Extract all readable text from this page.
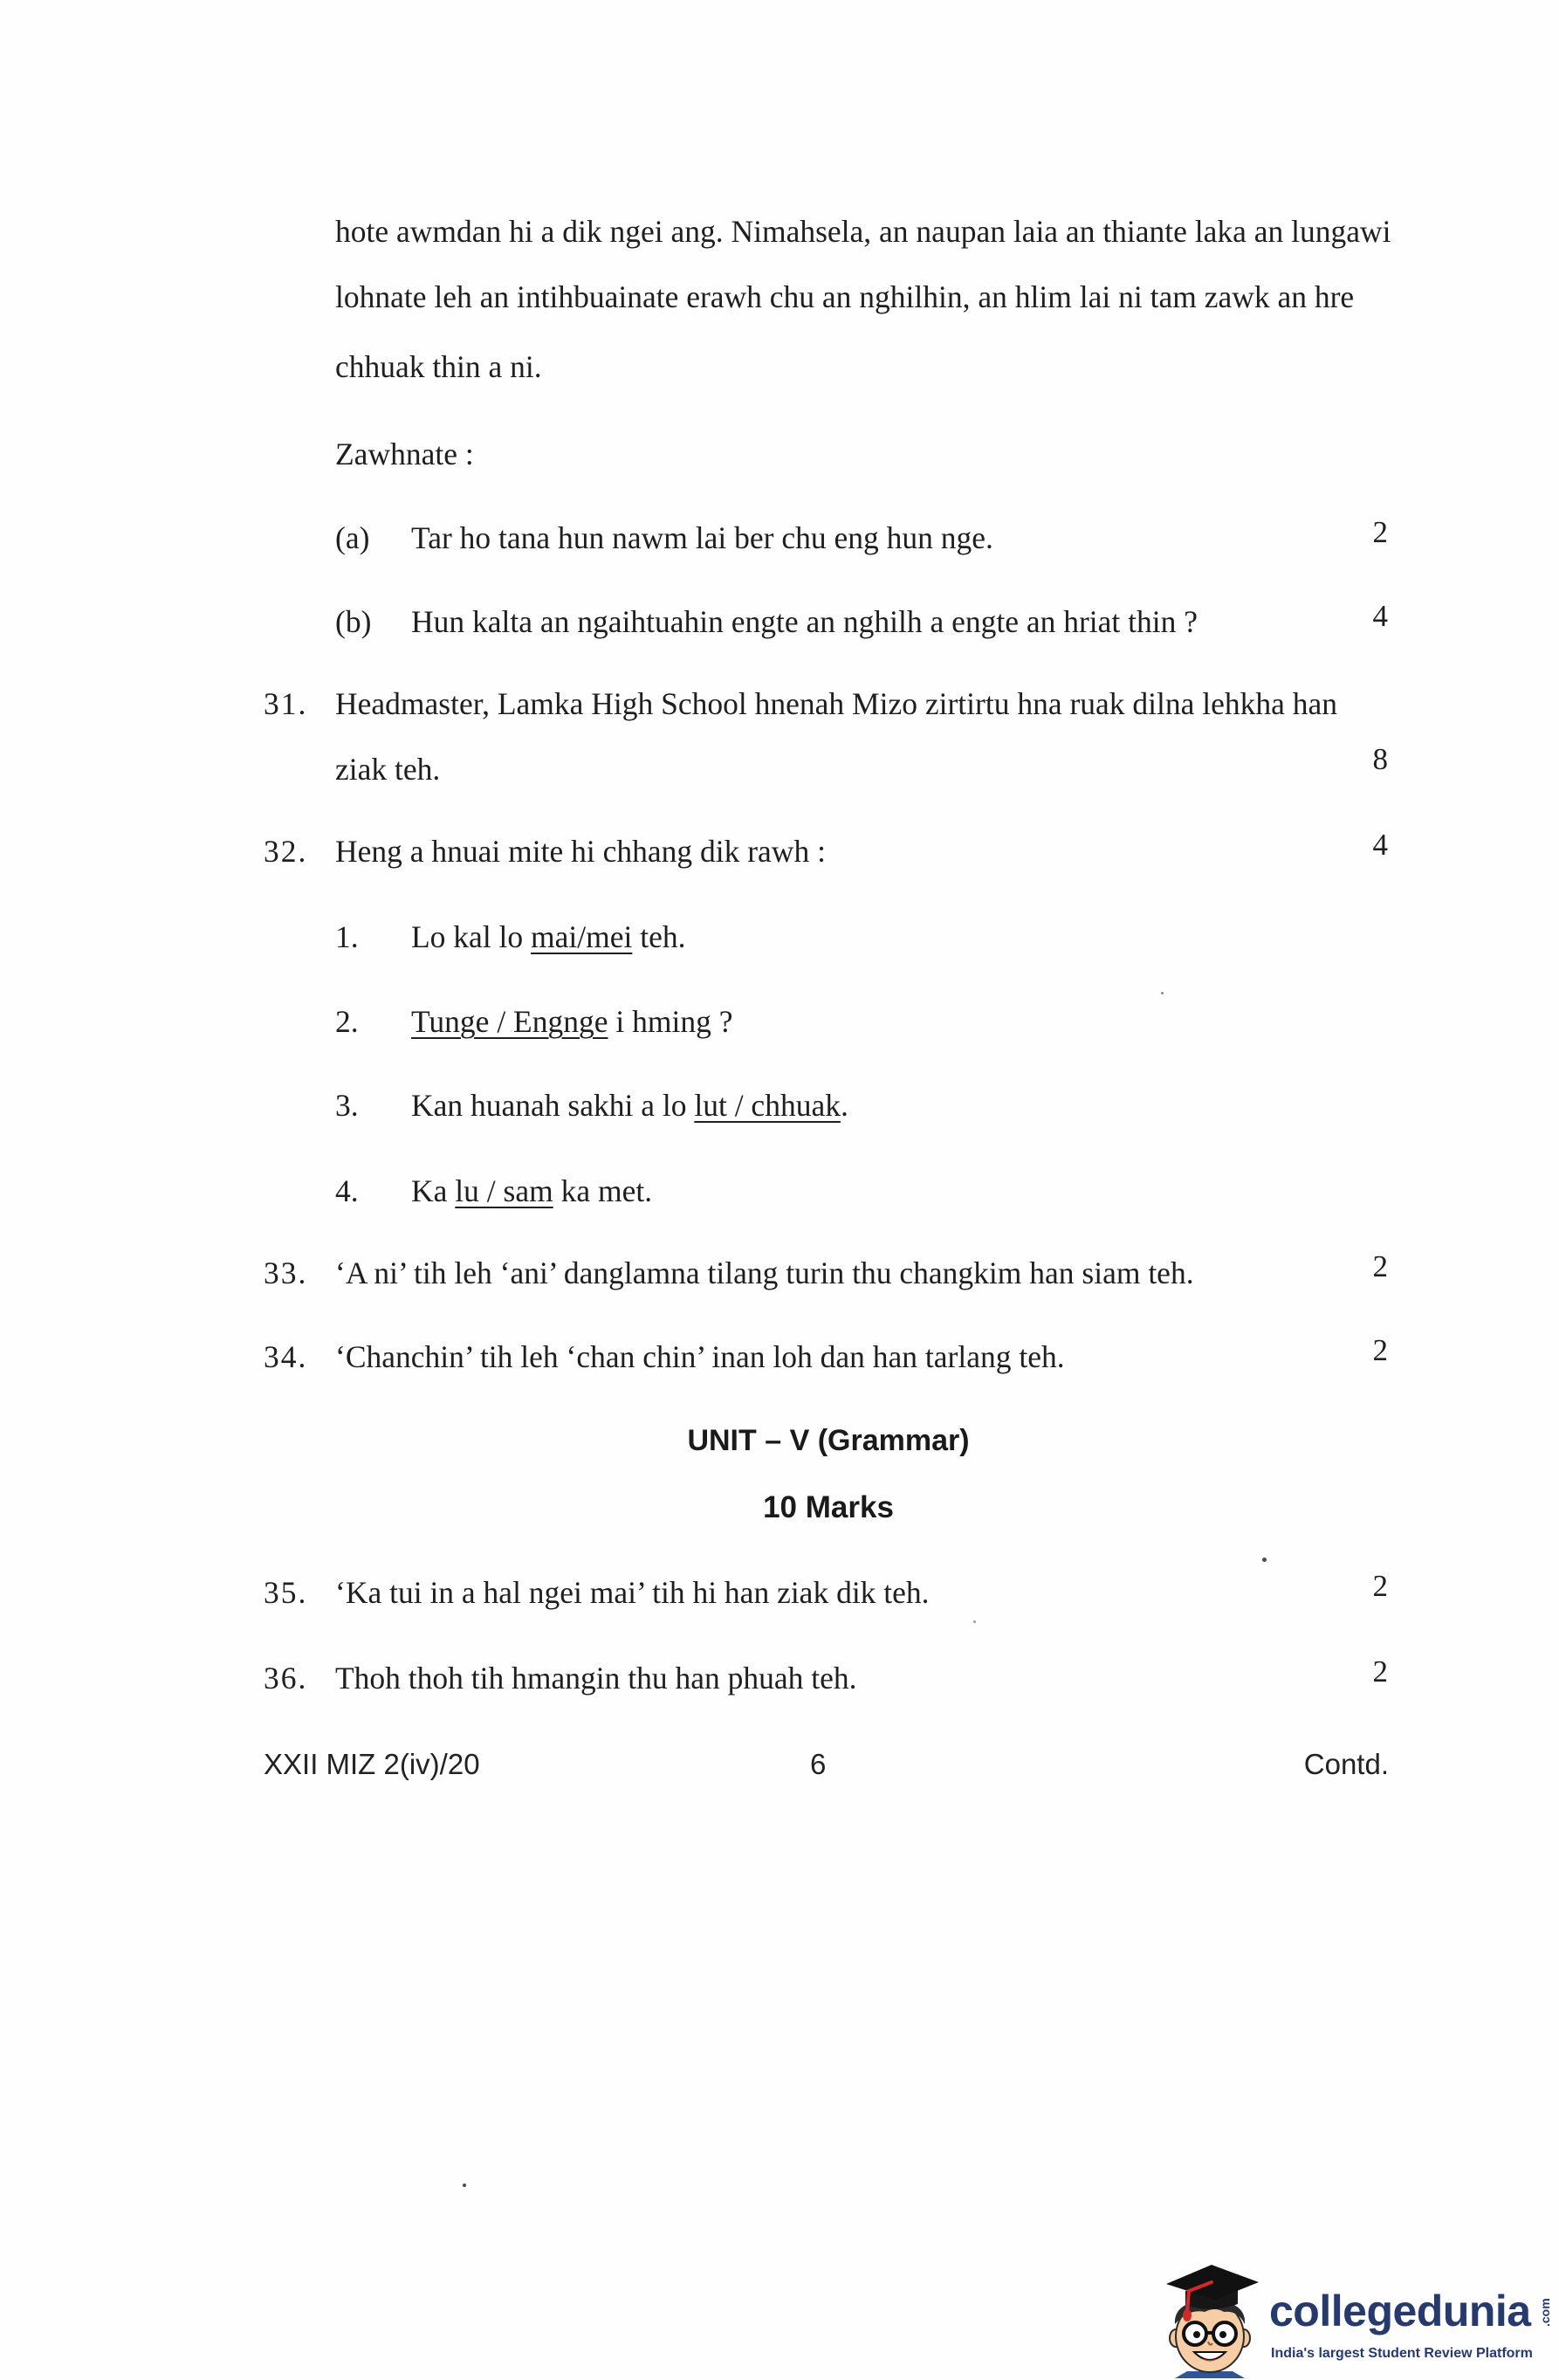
hote awmdan hi a dik ngei ang. Nimahsela, an naupan laia an thiante laka an lungawi
lohnate leh an intihbuainate erawh chu an nghilhin, an hlim lai ni tam zawk an hre
chhuak thin a ni.
Zawhnate :
(a) Tar ho tana hun nawm lai ber chu eng hun nge.	2
(b) Hun kalta an ngaihtuahin engte an nghilh a engte an hriat thin ?	4
31. Headmaster, Lamka High School hnenah Mizo zirtirtu hna ruak dilna lehkha han
ziak teh.	8
32. Heng a hnuai mite hi chhang dik rawh :	4
1. Lo kal lo mai/mei teh.
2. Tunge / Engnge i hming ?
3. Kan huanah sakhi a lo lut / chhuak.
4. Ka lu / sam ka met.
33. ‘A ni’ tih leh ‘ani’ danglamna tilang turin thu changkim han siam teh.	2
34. ‘Chanchin’ tih leh ‘chan chin’ inan loh dan han tarlang teh.	2
UNIT – V (Grammar)
10 Marks
35. ‘Ka tui in a hal ngei mai’ tih hi han ziak dik teh.	2
36. Thoh thoh tih hmangin thu han phuah teh.	2
XXII MIZ 2(iv)/20	6	Contd.
collegedunia .com
India's largest Student Review Platform
